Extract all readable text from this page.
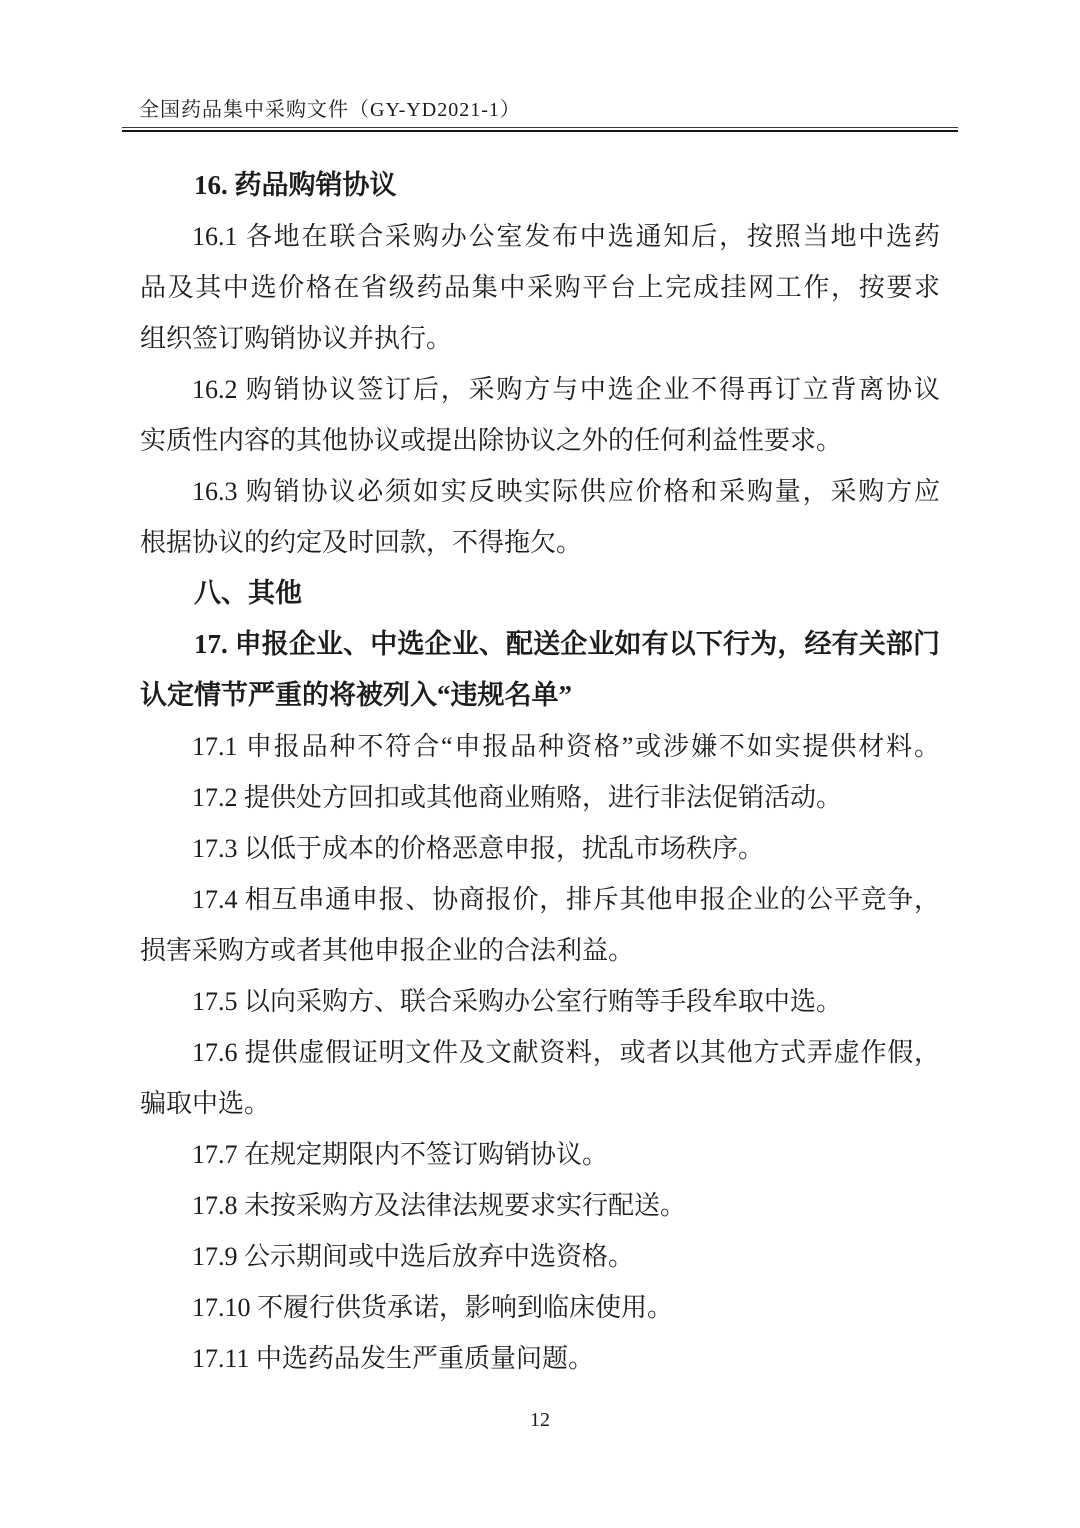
全国药品集中采购文件（GY-YD2021-1）
16. 药品购销协议
16.1 各地在联合采购办公室发布中选通知后，按照当地中选药
品及其中选价格在省级药品集中采购平台上完成挂网工作，按要求
组织签订购销协议并执行。
16.2 购销协议签订后，采购方与中选企业不得再订立背离协议
实质性内容的其他协议或提出除协议之外的任何利益性要求。
16.3 购销协议必须如实反映实际供应价格和采购量，采购方应
根据协议的约定及时回款，不得拖欠。
八、其他
17. 申报企业、中选企业、配送企业如有以下行为，经有关部门
认定情节严重的将被列入“违规名单”
17.1 申报品种不符合“申报品种资格”或涉嫌不如实提供材料。
17.2 提供处方回扣或其他商业贿赂，进行非法促销活动。
17.3 以低于成本的价格恶意申报，扰乱市场秩序。
17.4 相互串通申报、协商报价，排斥其他申报企业的公平竞争，
损害采购方或者其他申报企业的合法利益。
17.5 以向采购方、联合采购办公室行贿等手段牟取中选。
17.6 提供虚假证明文件及文献资料，或者以其他方式弄虚作假，
骗取中选。
17.7 在规定期限内不签订购销协议。
17.8 未按采购方及法律法规要求实行配送。
17.9 公示期间或中选后放弃中选资格。
17.10 不履行供货承诺，影响到临床使用。
17.11 中选药品发生严重质量问题。
12
